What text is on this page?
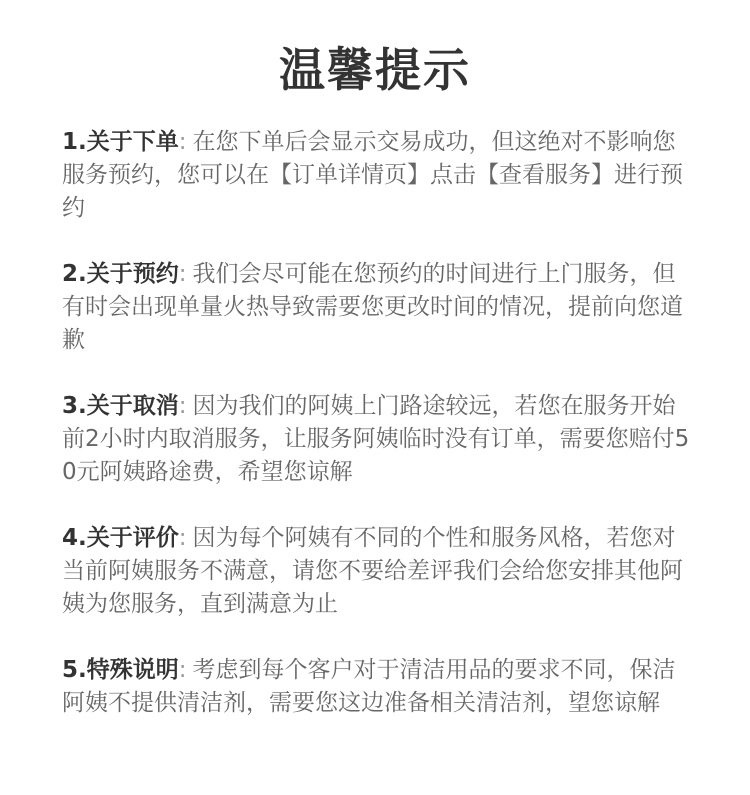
温馨提示
1.关于下单: 在您下单后会显示交易成功，但这绝对不影响您服务预约，您可以在【订单详情页】点击【查看服务】进行预约
2.关于预约: 我们会尽可能在您预约的时间进行上门服务，但有时会出现单量火热导致需要您更改时间的情况，提前向您道歉
3.关于取消: 因为我们的阿姨上门路途较远，若您在服务开始前2小时内取消服务，让服务阿姨临时没有订单，需要您赔付50元阿姨路途费，希望您谅解
4.关于评价: 因为每个阿姨有不同的个性和服务风格，若您对当前阿姨服务不满意，请您不要给差评我们会给您安排其他阿姨为您服务，直到满意为止
5.特殊说明: 考虑到每个客户对于清洁用品的要求不同，保洁阿姨不提供清洁剂，需要您这边准备相关清洁剂，望您谅解
